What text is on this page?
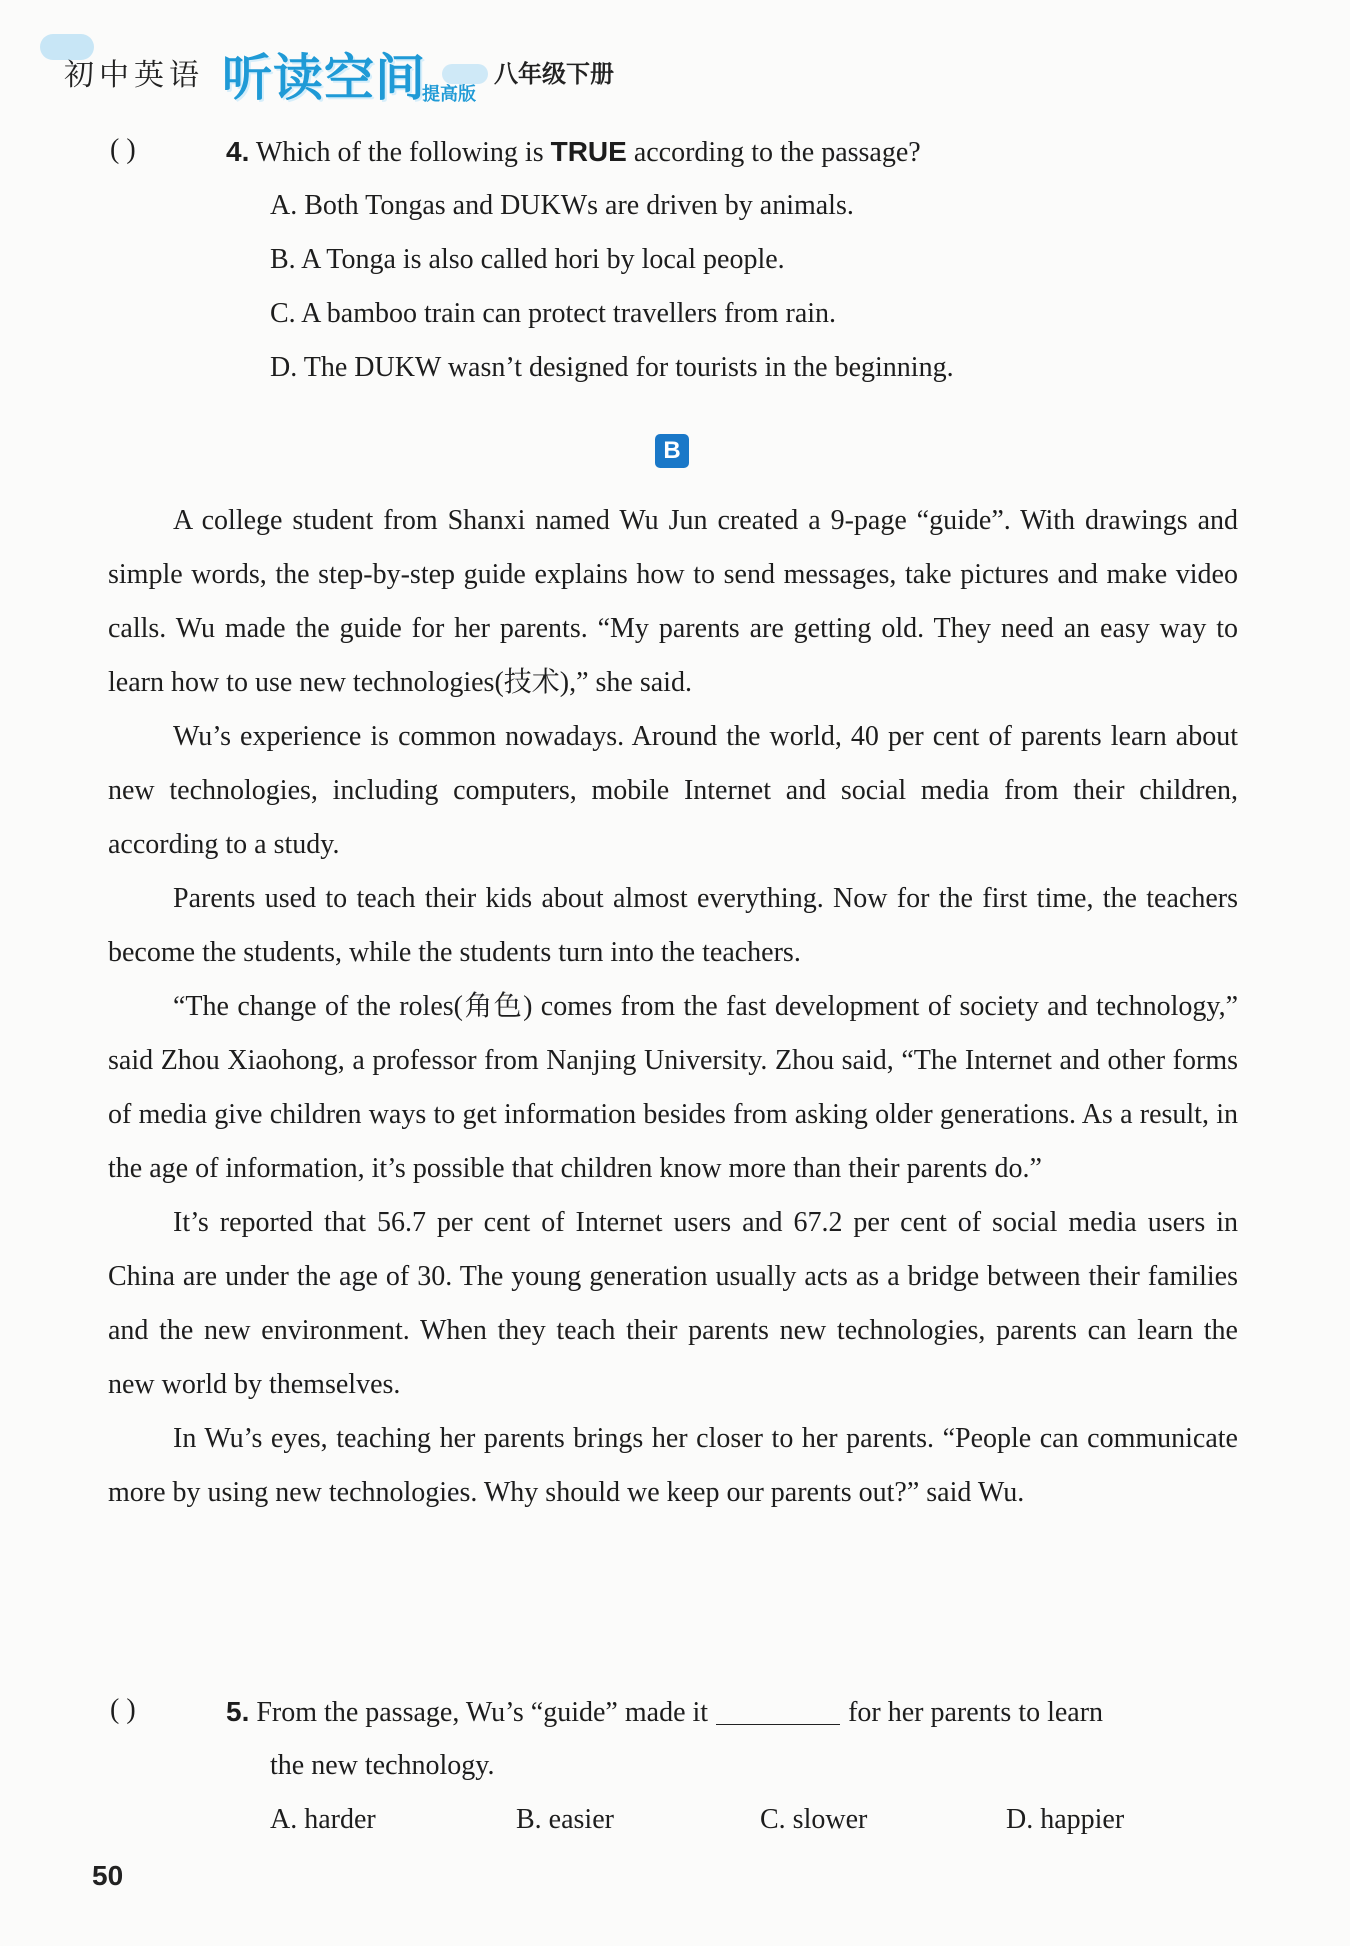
初中英语 听读空间
提高版
八年级下册
( )	4. Which of the following is TRUE according to the passage?
A. Both Tongas and DUKWs are driven by animals.
B. A Tonga is also called hori by local people.
C. A bamboo train can protect travellers from rain.
D. The DUKW wasn’t designed for tourists in the beginning.
B

A college student from Shanxi named Wu Jun created a 9-page “guide”. With drawings and simple words, the step-by-step guide explains how to send messages, take pictures and make video calls. Wu made the guide for her parents. “My parents are getting old. They need an easy way to learn how to use new technologies(技术),” she said.

Wu’s experience is common nowadays. Around the world, 40 per cent of parents learn about new technologies, including computers, mobile Internet and social media from their children, according to a study.

Parents used to teach their kids about almost everything. Now for the first time, the teachers become the students, while the students turn into the teachers.

“The change of the roles(角色) comes from the fast development of society and technology,” said Zhou Xiaohong, a professor from Nanjing University. Zhou said, “The Internet and other forms of media give children ways to get information besides from asking older generations. As a result, in the age of information, it’s possible that children know more than their parents do.”

It’s reported that 56.7 per cent of Internet users and 67.2 per cent of social media users in China are under the age of 30. The young generation usually acts as a bridge between their families and the new environment. When they teach their parents new technologies, parents can learn the new world by themselves.

In Wu’s eyes, teaching her parents brings her closer to her parents. “People can communicate more by using new technologies. Why should we keep our parents out?” said Wu.

( )	5. From the passage, Wu’s “guide” made it	for her parents to learn
the new technology.
A. harder	B. easier	C. slower	D. happier
50
